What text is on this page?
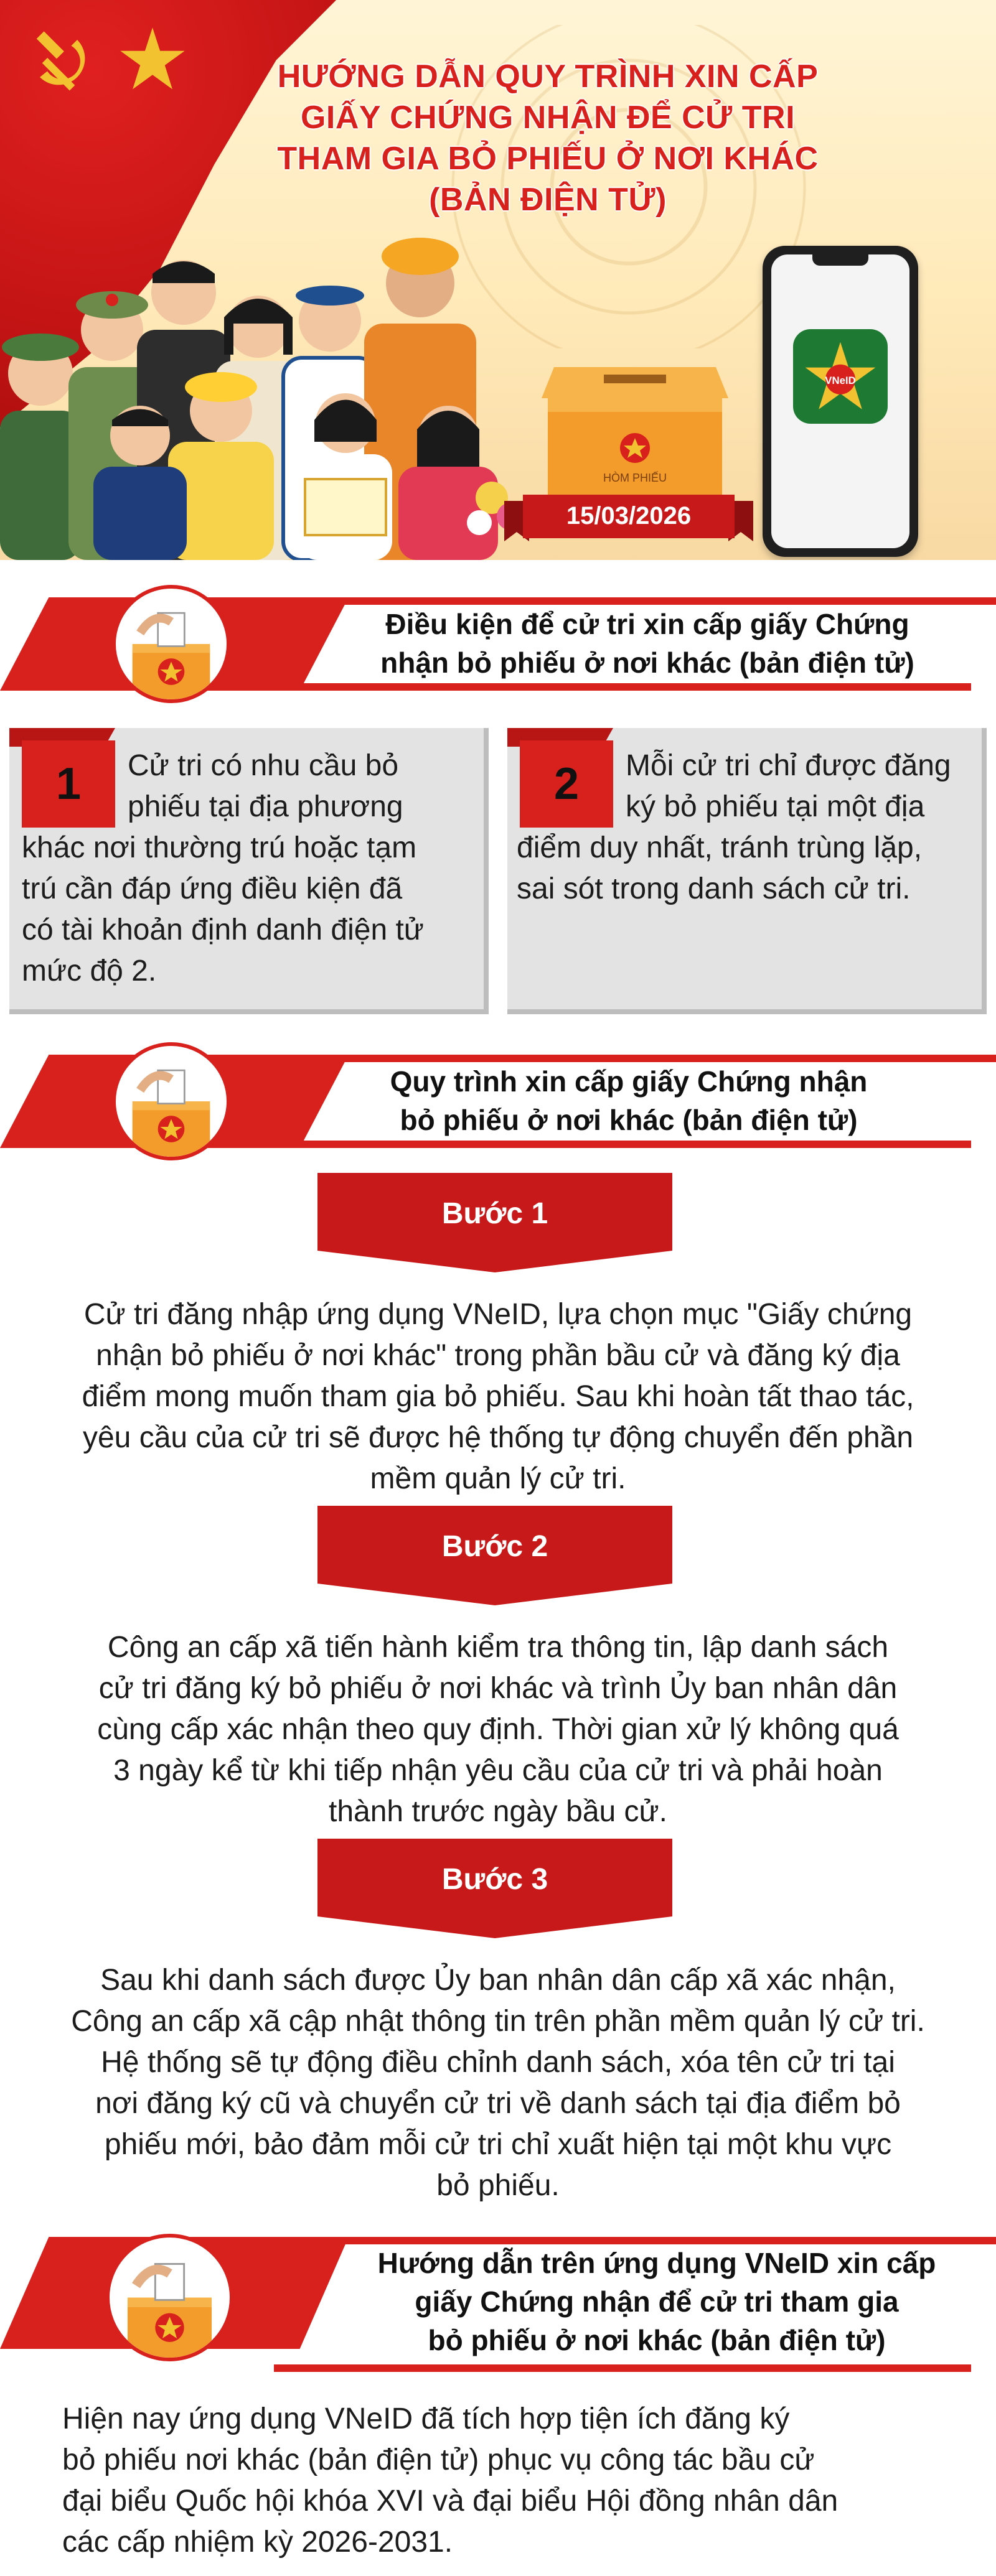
HƯỚNG DẪN QUY TRÌNH XIN CẤP
GIẤY CHỨNG NHẬN ĐỂ CỬ TRI
THAM GIA BỎ PHIẾU Ở NƠI KHÁC
(BẢN ĐIỆN TỬ)
HÒM PHIẾU
VNeID
15/03/2026
Điều kiện để cử tri xin cấp giấy Chứng
nhận bỏ phiếu ở nơi khác (bản điện tử)
1	Cử tri có nhu cầu bỏ
phiếu tại địa phương
khác nơi thường trú hoặc tạm
trú cần đáp ứng điều kiện đã
có tài khoản định danh điện tử
mức độ 2.
2	Mỗi cử tri chỉ được đăng
ký bỏ phiếu tại một địa
điểm duy nhất, tránh trùng lặp,
sai sót trong danh sách cử tri.
Quy trình xin cấp giấy Chứng nhận
bỏ phiếu ở nơi khác (bản điện tử)
Bước 1
Cử tri đăng nhập ứng dụng VNeID, lựa chọn mục "Giấy chứng
nhận bỏ phiếu ở nơi khác" trong phần bầu cử và đăng ký địa
điểm mong muốn tham gia bỏ phiếu. Sau khi hoàn tất thao tác,
yêu cầu của cử tri sẽ được hệ thống tự động chuyển đến phần
mềm quản lý cử tri.
Bước 2
Công an cấp xã tiến hành kiểm tra thông tin, lập danh sách
cử tri đăng ký bỏ phiếu ở nơi khác và trình Ủy ban nhân dân
cùng cấp xác nhận theo quy định. Thời gian xử lý không quá
3 ngày kể từ khi tiếp nhận yêu cầu của cử tri và phải hoàn
thành trước ngày bầu cử.
Bước 3
Sau khi danh sách được Ủy ban nhân dân cấp xã xác nhận,
Công an cấp xã cập nhật thông tin trên phần mềm quản lý cử tri.
Hệ thống sẽ tự động điều chỉnh danh sách, xóa tên cử tri tại
nơi đăng ký cũ và chuyển cử tri về danh sách tại địa điểm bỏ
phiếu mới, bảo đảm mỗi cử tri chỉ xuất hiện tại một khu vực
bỏ phiếu.
Hướng dẫn trên ứng dụng VNeID xin cấp
giấy Chứng nhận để cử tri tham gia
bỏ phiếu ở nơi khác (bản điện tử)
Hiện nay ứng dụng VNeID đã tích hợp tiện ích đăng ký
bỏ phiếu nơi khác (bản điện tử) phục vụ công tác bầu cử
đại biểu Quốc hội khóa XVI và đại biểu Hội đồng nhân dân
các cấp nhiệm kỳ 2026-2031.
